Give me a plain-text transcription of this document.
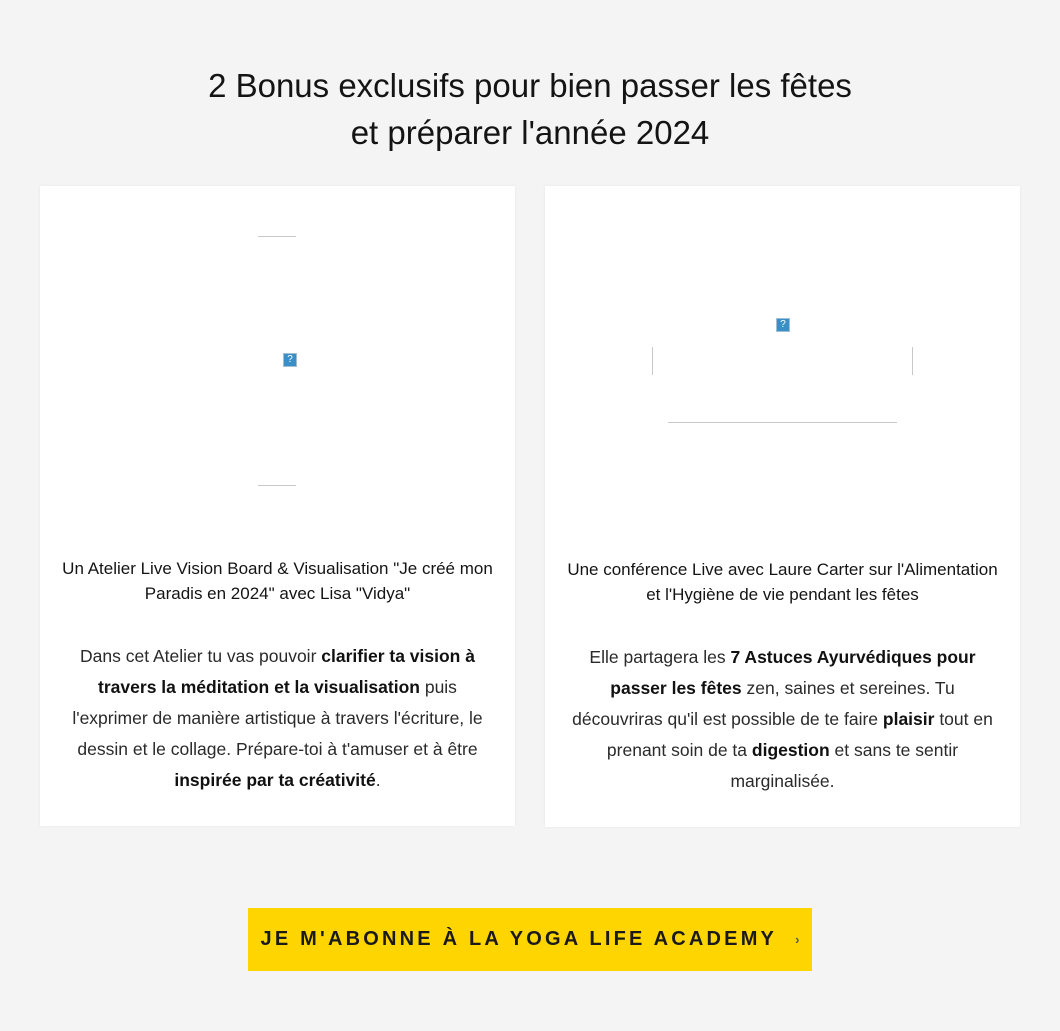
2 Bonus exclusifs pour bien passer les fêtes
et préparer l'année 2024
?
Un Atelier Live Vision Board & Visualisation "Je créé mon Paradis en 2024" avec Lisa "Vidya"

Dans cet Atelier tu vas pouvoir clarifier ta vision à travers la méditation et la visualisation puis l'exprimer de manière artistique à travers l'écriture, le dessin et le collage. Prépare-toi à t'amuser et à être inspirée par ta créativité.

?
Une conférence Live avec Laure Carter sur l'Alimentation et l'Hygiène de vie pendant les fêtes

Elle partagera les 7 Astuces Ayurvédiques pour passer les fêtes zen, saines et sereines. Tu découvriras qu'il est possible de te faire plaisir tout en prenant soin de ta digestion et sans te sentir marginalisée.

JE M'ABONNE À LA YOGA LIFE ACADEMY ›
